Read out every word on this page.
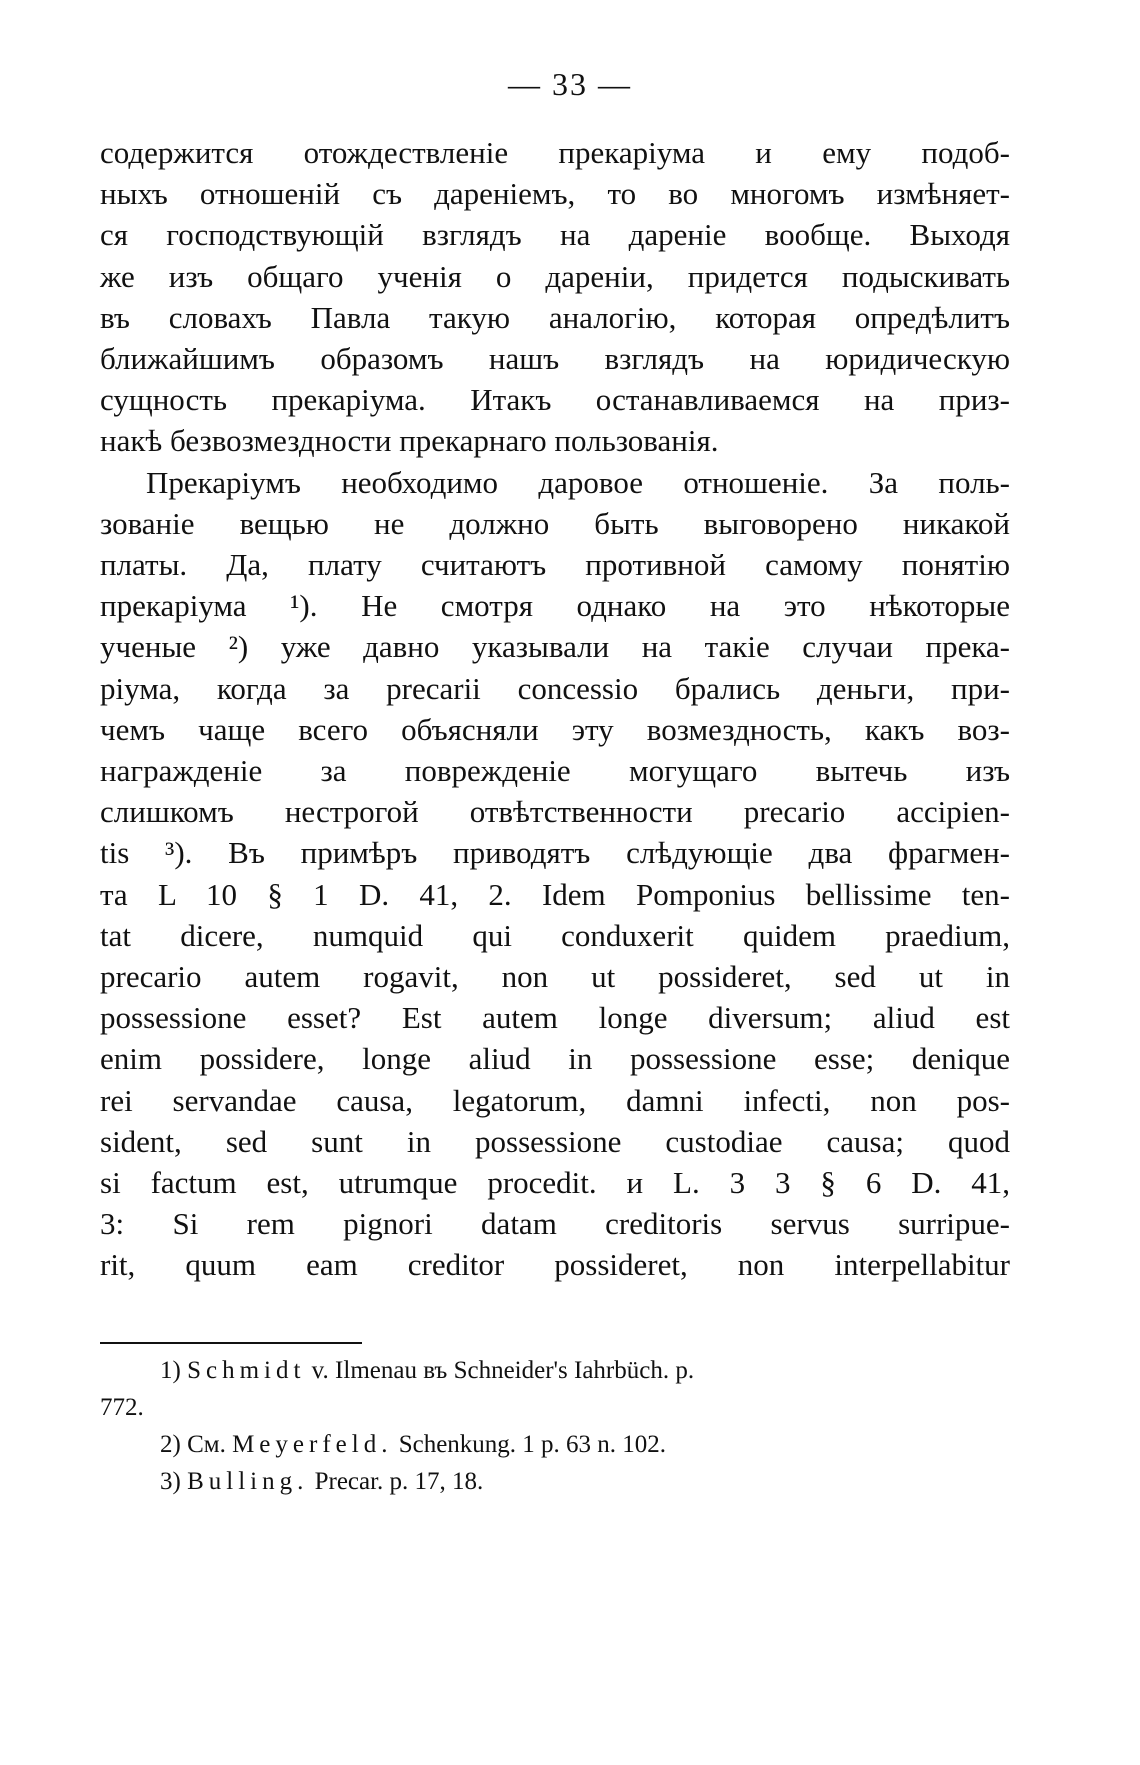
— 33 —

содержится отождествленіе прекаріума и ему подоб-
ныхъ отношеній съ дареніемъ, то во многомъ измѣняет-
ся господствующій взглядъ на дареніе вообще. Выходя
же изъ общаго ученія о дареніи, придется подыскивать
въ словахъ Павла такую аналогію, которая опредѣлитъ
ближайшимъ образомъ нашъ взглядъ на юридическую
сущность прекаріума. Итакъ останавливаемся на приз-
накѣ безвозмездности прекарнаго пользованія.

Прекаріумъ необходимо даровое отношеніе. За поль-
зованіе вещью не должно быть выговорено никакой
платы. Да, плату считаютъ противной самому понятію
прекаріума ¹). Не смотря однако на это нѣкоторые
ученые ²) уже давно указывали на такіе случаи прека-
ріума, когда за precarii concessio брались деньги, при-
чемъ чаще всего объясняли эту возмездность, какъ воз-
награжденіе за поврежденіе могущаго вытечь изъ
слишкомъ нестрогой отвѣтственности precario accipien-
tis ³). Въ примѣръ приводятъ слѣдующіе два фрагмен-
та L 10 § 1 D. 41, 2. Idem Pomponius bellissime ten-
tat dicere, numquid qui conduxerit quidem praedium,
precario autem rogavit, non ut possideret, sed ut in
possessione esset? Est autem longe diversum; aliud est
enim possidere, longe aliud in possessione esse; denique
rei servandae causa, legatorum, damni infecti, non pos-
sident, sed sunt in possessione custodiae causa; quod
si factum est, utrumque procedit. и L. 3 3 § 6 D. 41,
3: Si rem pignori datam creditoris servus surripue-
rit, quum eam creditor possideret, non interpellabitur

1) Schmidt v. Ilmenau въ Schneider's Iahrbüch. p.
772.
2) См. Meyerfeld. Schenkung. 1 p. 63 n. 102.
3) Bulling. Precar. p. 17, 18.
